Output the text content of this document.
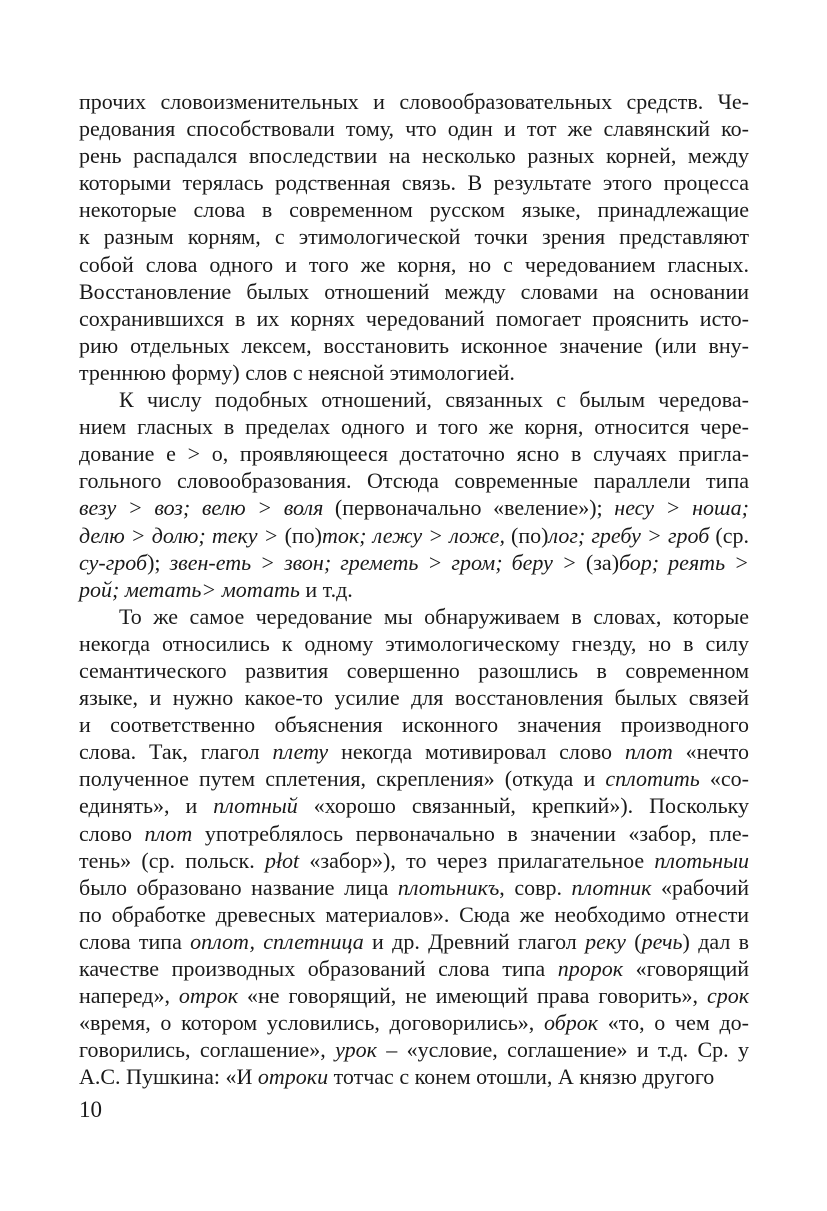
прочих словоизменительных и словообразовательных средств. Че-
редования способствовали тому, что один и тот же славянский ко-
рень распадался впоследствии на несколько разных корней, между
которыми терялась родственная связь. В результате этого процесса
некоторые слова в современном русском языке, принадлежащие
к разным корням, с этимологической точки зрения представляют
собой слова одного и того же корня, но с чередованием гласных.
Восстановление былых отношений между словами на основании
сохранившихся в их корнях чередований помогает прояснить исто-
рию отдельных лексем, восстановить исконное значение (или вну-
треннюю форму) слов с неясной этимологией.
К числу подобных отношений, связанных с былым чередова-
нием гласных в пределах одного и того же корня, относится чере-
дование е > о, проявляющееся достаточно ясно в случаях пригла-
гольного словообразования. Отсюда современные параллели типа
везу > воз; велю > воля (первоначально «веление»); несу > ноша;
делю > долю; теку > (по)ток; лежу > ложе, (по)лог; гребу > гроб (ср.
су-гроб); звен-еть > звон; греметь > гром; беру > (за)бор; реять >
рой; метать> мотать и т.д.
То же самое чередование мы обнаруживаем в словах, которые
некогда относились к одному этимологическому гнезду, но в силу
семантического развития совершенно разошлись в современном
языке, и нужно какое-то усилие для восстановления былых связей
и соответственно объяснения исконного значения производного
слова. Так, глагол плету некогда мотивировал слово плот «нечто
полученное путем сплетения, скрепления» (откуда и сплотить «со-
единять», и плотный «хорошо связанный, крепкий»). Поскольку
слово плот употреблялось первоначально в значении «забор, пле-
тень» (ср. польск. płot «забор»), то через прилагательное плотьныи
было образовано название лица плотьникъ, совр. плотник «рабочий
по обработке древесных материалов». Сюда же необходимо отнести
слова типа оплот, сплетница и др. Древний глагол реку (речь) дал в
качестве производных образований слова типа пророк «говорящий
наперед», отрок «не говорящий, не имеющий права говорить», срок
«время, о котором условились, договорились», оброк «то, о чем до-
говорились, соглашение», урок – «условие, соглашение» и т.д. Ср. у
А.С. Пушкина: «И отроки тотчас с конем отошли, А князю другого
10
